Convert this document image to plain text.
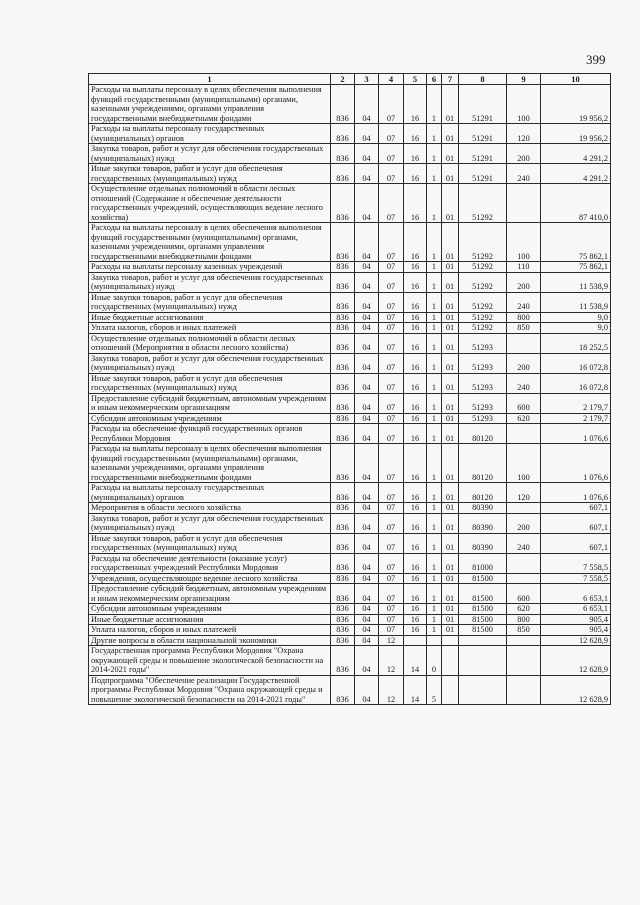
399
1	2	3	4	5	6	7	8	9	10

Расходы на выплаты персоналу в целях обеспечения выполнения функций государственными (муниципальными) органами, казенными учреждениями, органами управления государственными внебюджетными фондами	836	04	07	16	1	01	51291	100	19 956,2

Расходы на выплаты персоналу государственных (муниципальных) органов	836	04	07	16	1	01	51291	120	19 956,2

Закупка товаров, работ и услуг для обеспечения государственных (муниципальных) нужд	836	04	07	16	1	01	51291	200	4 291,2

Иные закупки товаров, работ и услуг для обеспечения государственных (муниципальных) нужд	836	04	07	16	1	01	51291	240	4 291,2

Осуществление отдельных полномочий в области лесных отношений (Содержание и обеспечение деятельности государственных учреждений, осуществляющих ведение лесного хозяйства)	836	04	07	16	1	01	51292		87 410,0

Расходы на выплаты персоналу в целях обеспечения выполнения функций государственными (муниципальными) органами, казенными учреждениями, органами управления государственными внебюджетными фондами	836	04	07	16	1	01	51292	100	75 862,1

Расходы на выплаты персоналу казенных учреждений	836	04	07	16	1	01	51292	110	75 862,1

Закупка товаров, работ и услуг для обеспечения государственных (муниципальных) нужд	836	04	07	16	1	01	51292	200	11 538,9

Иные закупки товаров, работ и услуг для обеспечения государственных (муниципальных) нужд	836	04	07	16	1	01	51292	240	11 538,9

Иные бюджетные ассигнования	836	04	07	16	1	01	51292	800	9,0

Уплата налогов, сборов и иных платежей	836	04	07	16	1	01	51292	850	9,0

Осуществление отдельных полномочий в области лесных отношений (Мероприятия в области лесного хозяйства)	836	04	07	16	1	01	51293		18 252,5

Закупка товаров, работ и услуг для обеспечения государственных (муниципальных) нужд	836	04	07	16	1	01	51293	200	16 072,8

Иные закупки товаров, работ и услуг для обеспечения государственных (муниципальных) нужд	836	04	07	16	1	01	51293	240	16 072,8

Предоставление субсидий бюджетным, автономным учреждениям и иным некоммерческим организациям	836	04	07	16	1	01	51293	600	2 179,7

Субсидии автономным учреждениям	836	04	07	16	1	01	51293	620	2 179,7

Расходы на обеспечение функций государственных органов Республики Мордовия	836	04	07	16	1	01	80120		1 076,6

Расходы на выплаты персоналу в целях обеспечения выполнения функций государственными (муниципальными) органами, казенными учреждениями, органами управления государственными внебюджетными фондами	836	04	07	16	1	01	80120	100	1 076,6

Расходы на выплаты персоналу государственных (муниципальных) органов	836	04	07	16	1	01	80120	120	1 076,6

Мероприятия в области лесного хозяйства	836	04	07	16	1	01	80390		607,1

Закупка товаров, работ и услуг для обеспечения государственных (муниципальных) нужд	836	04	07	16	1	01	80390	200	607,1

Иные закупки товаров, работ и услуг для обеспечения государственных (муниципальных) нужд	836	04	07	16	1	01	80390	240	607,1

Расходы на обеспечение деятельности (оказание услуг) государственных учреждений Республики Мордовия	836	04	07	16	1	01	81000		7 558,5

Учреждения, осуществляющие ведение лесного хозяйства	836	04	07	16	1	01	81500		7 558,5

Предоставление субсидий бюджетным, автономным учреждениям и иным некоммерческим организациям	836	04	07	16	1	01	81500	600	6 653,1

Субсидии автономным учреждениям	836	04	07	16	1	01	81500	620	6 653,1

Иные бюджетные ассигнования	836	04	07	16	1	01	81500	800	905,4

Уплата налогов, сборов и иных платежей	836	04	07	16	1	01	81500	850	905,4

Другие вопросы в области национальной экономики	836	04	12						12 628,9

Государственная программа Республики Мордовия "Охрана окружающей среды и повышение экологической безопасности на 2014-2021 годы"	836	04	12	14	0				12 628,9

Подпрограмма "Обеспечение реализации Государственной программы Республики Мордовия "Охрана окружающей среды и повышение экологической безопасности на 2014-2021 годы"	836	04	12	14	5				12 628,9
